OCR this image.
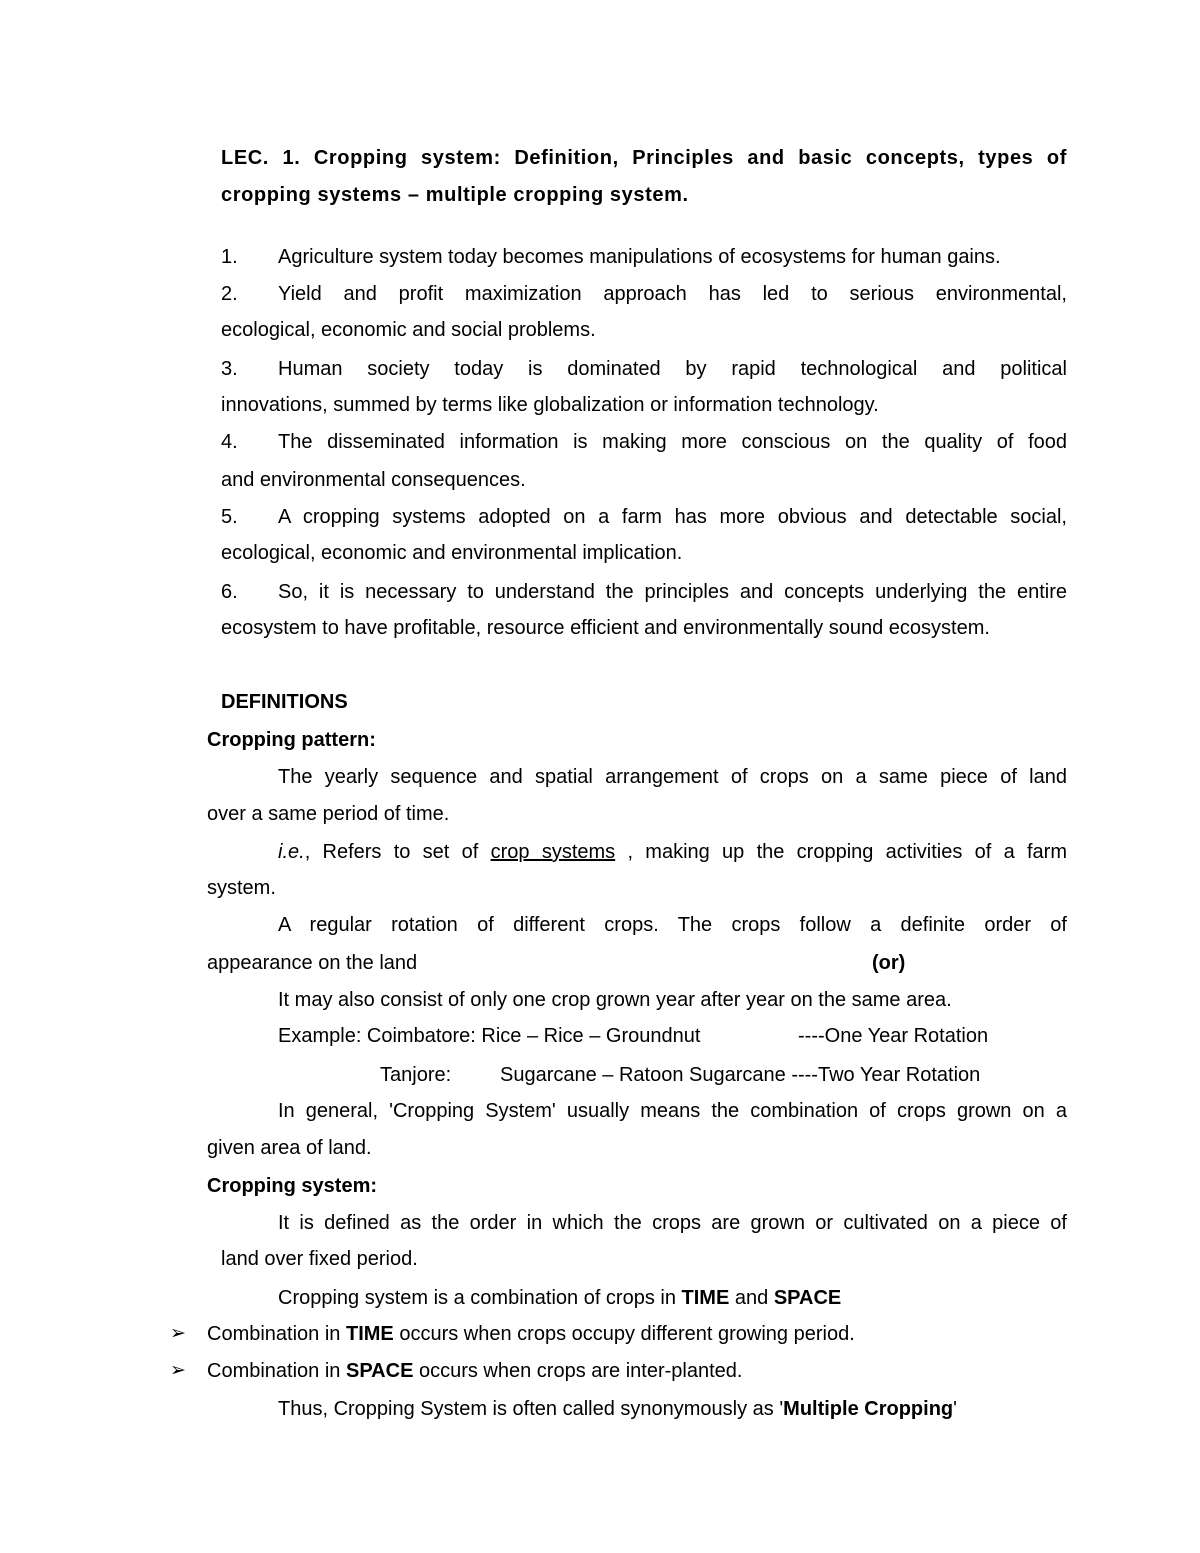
LEC. 1. Cropping system: Definition, Principles and basic concepts, types of
cropping systems – multiple cropping system.
1. Agriculture system today becomes manipulations of ecosystems for human gains.
2. Yield and profit maximization approach has led to serious environmental,
ecological, economic and social problems.
3. Human society today is dominated by rapid technological and political
innovations, summed by terms like globalization or information technology.
4. The disseminated information is making more conscious on the quality of food
and environmental consequences.
5. A cropping systems adopted on a farm has more obvious and detectable social,
ecological, economic and environmental implication.
6. So, it is necessary to understand the principles and concepts underlying the entire
ecosystem to have profitable, resource efficient and environmentally sound ecosystem.
DEFINITIONS
Cropping pattern:
The yearly sequence and spatial arrangement of crops on a same piece of land
over a same period of time.
i.e., Refers to set of crop systems , making up the cropping activities of a farm
system.
A regular rotation of different crops. The crops follow a definite order of
appearance on the land	(or)
It may also consist of only one crop grown year after year on the same area.
Example: Coimbatore: Rice – Rice – Groundnut	----One Year Rotation
Tanjore: Sugarcane – Ratoon Sugarcane ----Two Year Rotation
In general, 'Cropping System' usually means the combination of crops grown on a
given area of land.
Cropping system:
It is defined as the order in which the crops are grown or cultivated on a piece of
land over fixed period.
Cropping system is a combination of crops in TIME and SPACE
➢ Combination in TIME occurs when crops occupy different growing period.
➢ Combination in SPACE occurs when crops are inter-planted.
Thus, Cropping System is often called synonymously as 'Multiple Cropping'
